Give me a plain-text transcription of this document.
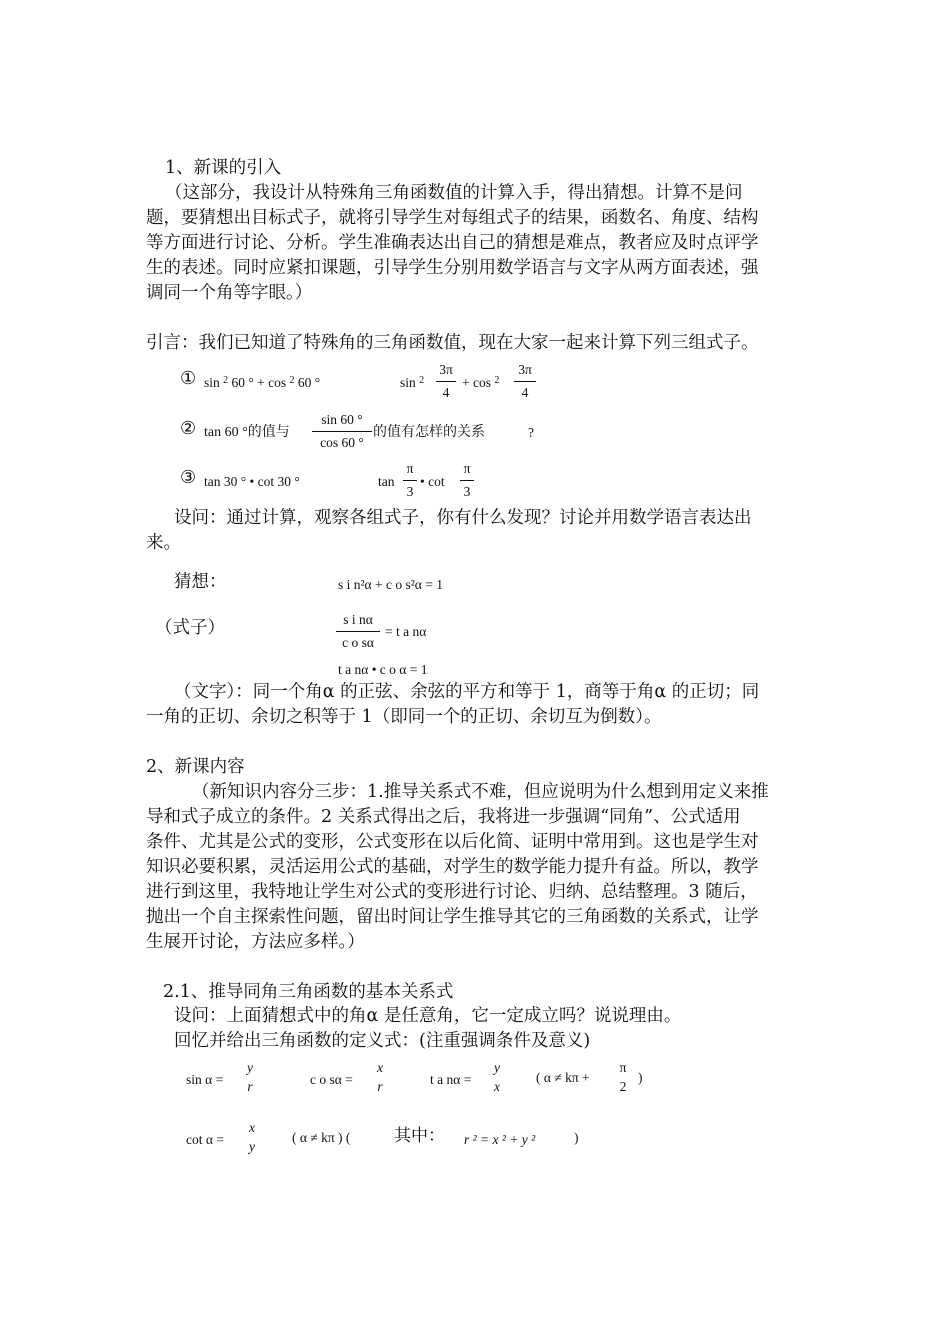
1、新课的引入
（这部分，我设计从特殊角三角函数值的计算入手，得出猜想。计算不是问
题，要猜想出目标式子，就将引导学生对每组式子的结果，函数名、角度、结构
等方面进行讨论、分析。学生准确表达出自己的猜想是难点，教者应及时点评学
生的表述。同时应紧扣课题，引导学生分别用数学语言与文字从两方面表述，强
调同一个角等字眼。）
引言：我们已知道了特殊角的三角函数值，现在大家一起来计算下列三组式子。
① sin $^2$ 60 ° + cos $^2$ 60 °	sin $^2$
3π
4
+ cos $^2$
3π
4
② tan 60 °的值与
sin 60 °
cos 60 °
的值有怎样的关系	?
③ tan 30 ° • cot 30 °	tan
π
3
• cot
π
3
设问：通过计算，观察各组式子，你有什么发现？讨论并用数学语言表达出
来。
猜想：	s i n²α + c o s²α = 1
（式子）	s i nα
c o sα
= t a nα
t a nα • c o α = 1
（文字）：同一个角α 的正弦、余弦的平方和等于 1，商等于角α 的正切；同
一角的正切、余切之积等于 1（即同一个的正切、余切互为倒数）。
2、新课内容
（新知识内容分三步：1.推导关系式不难，但应说明为什么想到用定义来推
导和式子成立的条件。2 关系式得出之后，我将进一步强调“同角”、公式适用
条件、尤其是公式的变形，公式变形在以后化简、证明中常用到。这也是学生对
知识必要积累，灵活运用公式的基础，对学生的数学能力提升有益。所以，教学
进行到这里，我特地让学生对公式的变形进行讨论、归纳、总结整理。3 随后，
抛出一个自主探索性问题，留出时间让学生推导其它的三角函数的关系式，让学
生展开讨论，方法应多样。）
2.1、推导同角三角函数的基本关系式
设问：上面猜想式中的角α 是任意角，它一定成立吗？说说理由。
回忆并给出三角函数的定义式：(注重强调条件及意义)
sin α =
y
r	c o sα =
x
r	t a nα =
y
x
( α ≠ kπ +
π
2
)
cot α =
x
y
( α ≠ kπ ) (	其中： r ² = x ² + y ²	)
